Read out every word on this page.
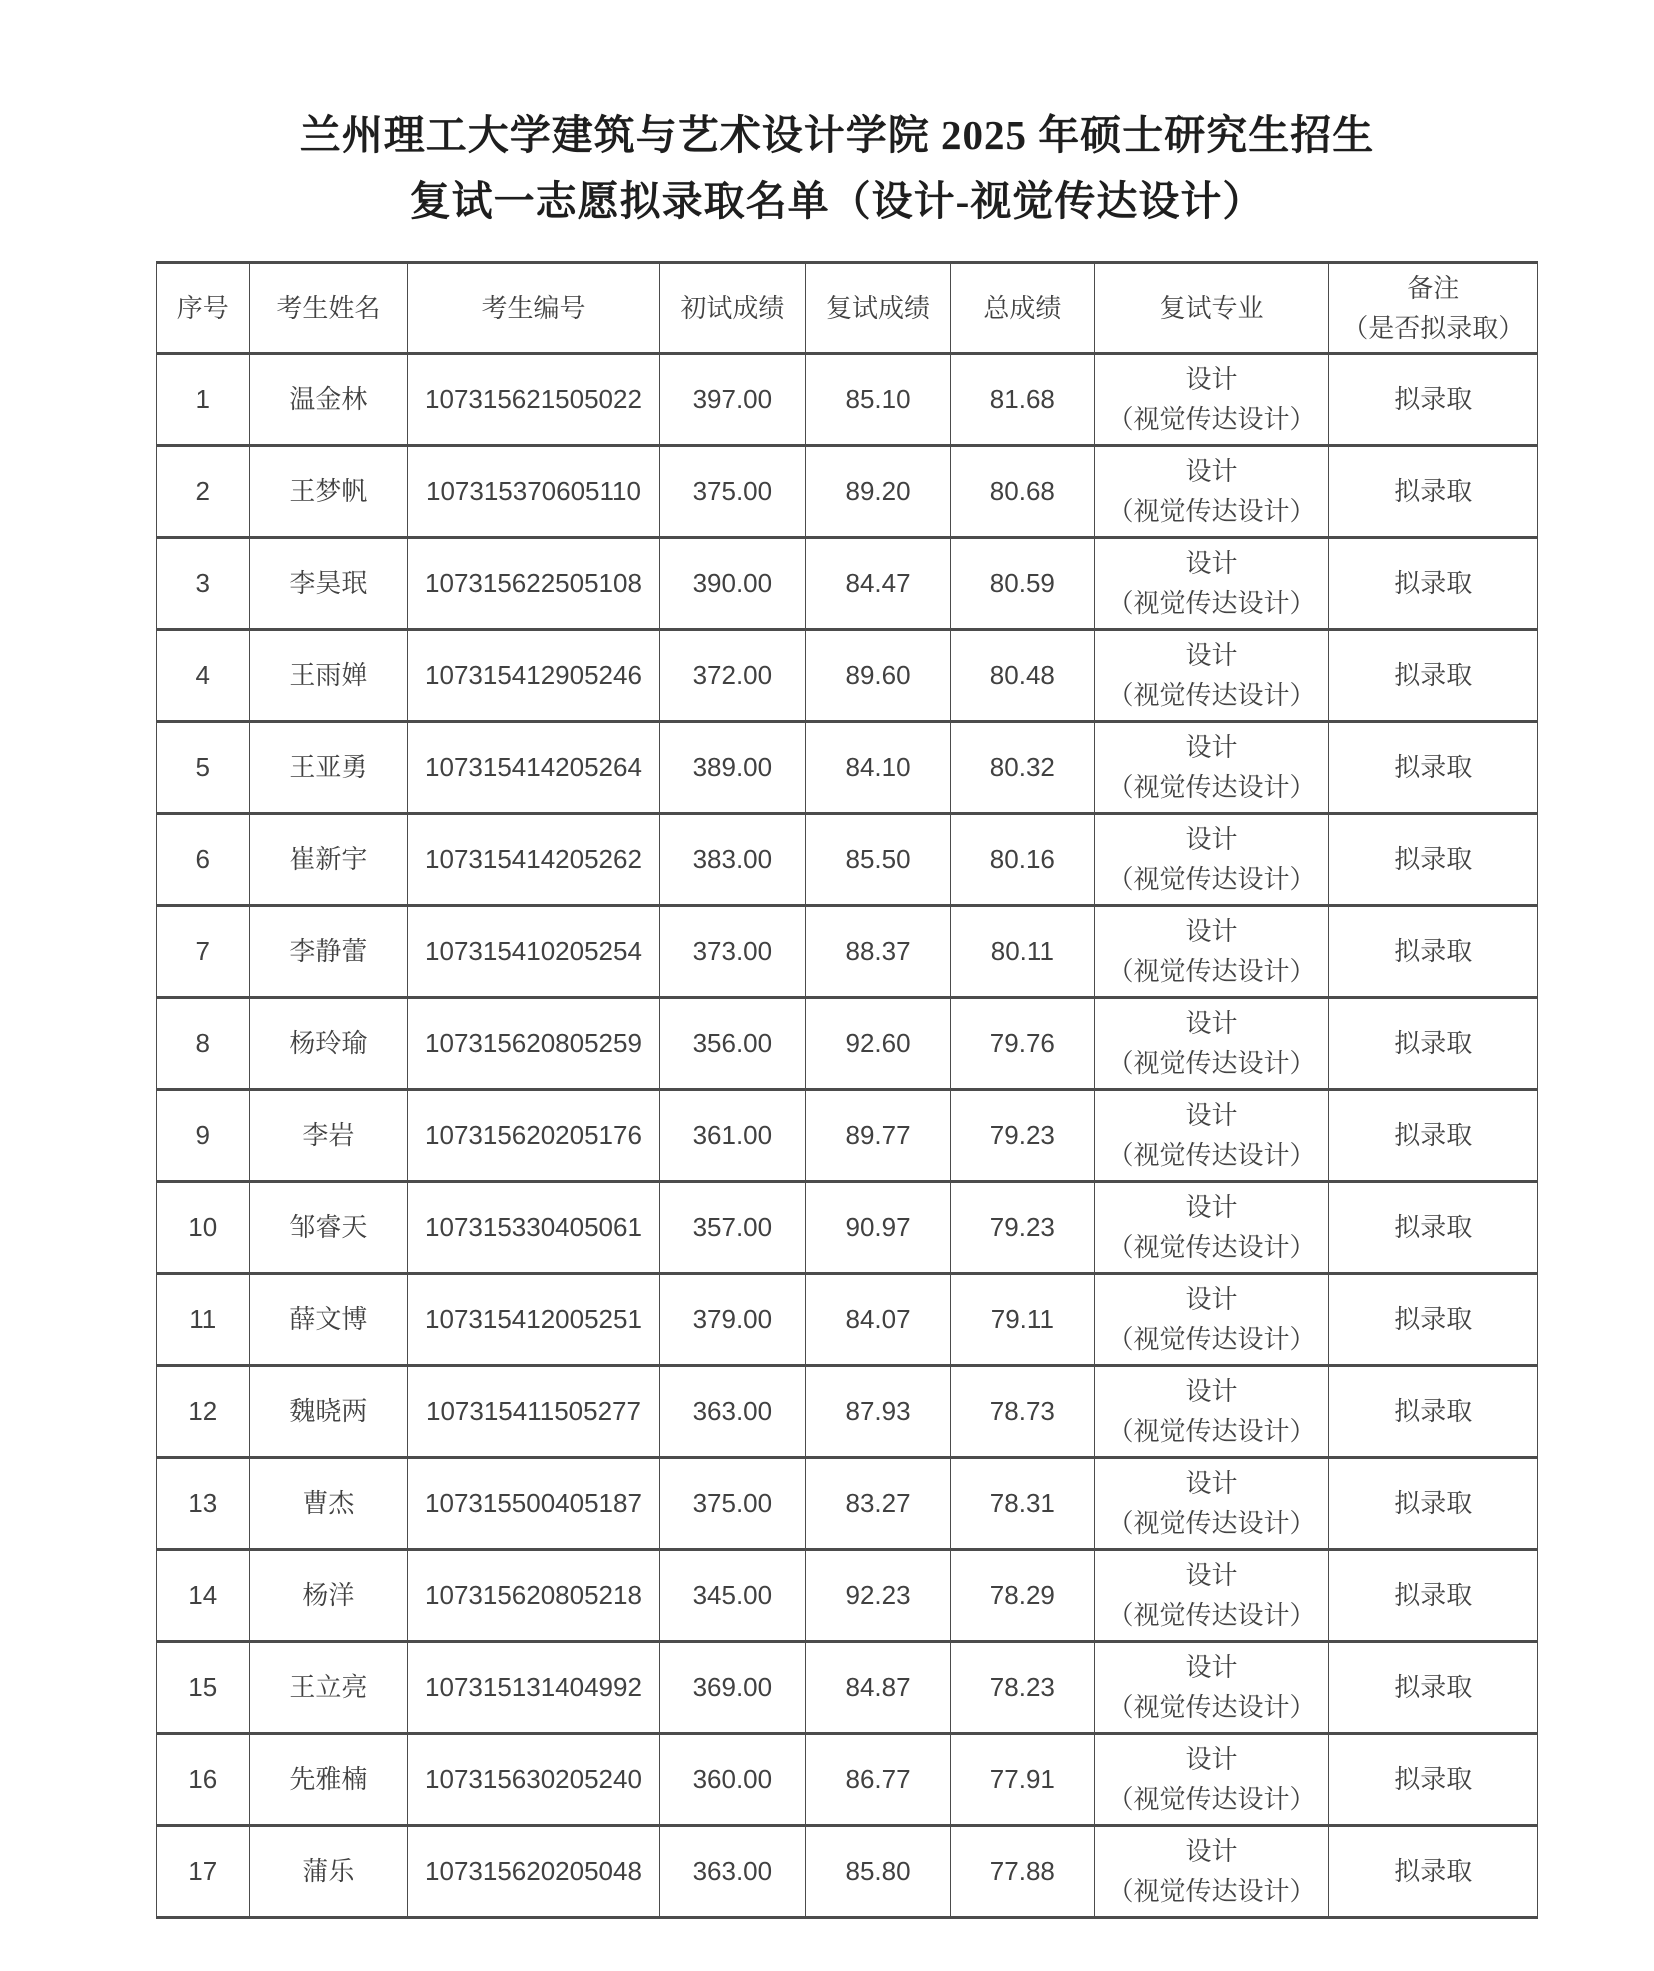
兰州理工大学建筑与艺术设计学院 2025 年硕士研究生招生
复试一志愿拟录取名单（设计-视觉传达设计）
序号	考生姓名	考生编号	初试成绩	复试成绩	总成绩	复试专业	备注
（是否拟录取）

1	温金林	107315621505022	397.00	85.10	81.68	设计
（视觉传达设计）	拟录取
2	王梦帆	107315370605110	375.00	89.20	80.68	设计
（视觉传达设计）	拟录取
3	李昊珉	107315622505108	390.00	84.47	80.59	设计
（视觉传达设计）	拟录取
4	王雨婵	107315412905246	372.00	89.60	80.48	设计
（视觉传达设计）	拟录取
5	王亚勇	107315414205264	389.00	84.10	80.32	设计
（视觉传达设计）	拟录取
6	崔新宇	107315414205262	383.00	85.50	80.16	设计
（视觉传达设计）	拟录取
7	李静蕾	107315410205254	373.00	88.37	80.11	设计
（视觉传达设计）	拟录取
8	杨玲瑜	107315620805259	356.00	92.60	79.76	设计
（视觉传达设计）	拟录取
9	李岩	107315620205176	361.00	89.77	79.23	设计
（视觉传达设计）	拟录取
10	邹睿天	107315330405061	357.00	90.97	79.23	设计
（视觉传达设计）	拟录取
11	薛文博	107315412005251	379.00	84.07	79.11	设计
（视觉传达设计）	拟录取
12	魏晓两	107315411505277	363.00	87.93	78.73	设计
（视觉传达设计）	拟录取
13	曹杰	107315500405187	375.00	83.27	78.31	设计
（视觉传达设计）	拟录取
14	杨洋	107315620805218	345.00	92.23	78.29	设计
（视觉传达设计）	拟录取
15	王立亮	107315131404992	369.00	84.87	78.23	设计
（视觉传达设计）	拟录取
16	先雅楠	107315630205240	360.00	86.77	77.91	设计
（视觉传达设计）	拟录取
17	蒲乐	107315620205048	363.00	85.80	77.88	设计
（视觉传达设计）	拟录取
